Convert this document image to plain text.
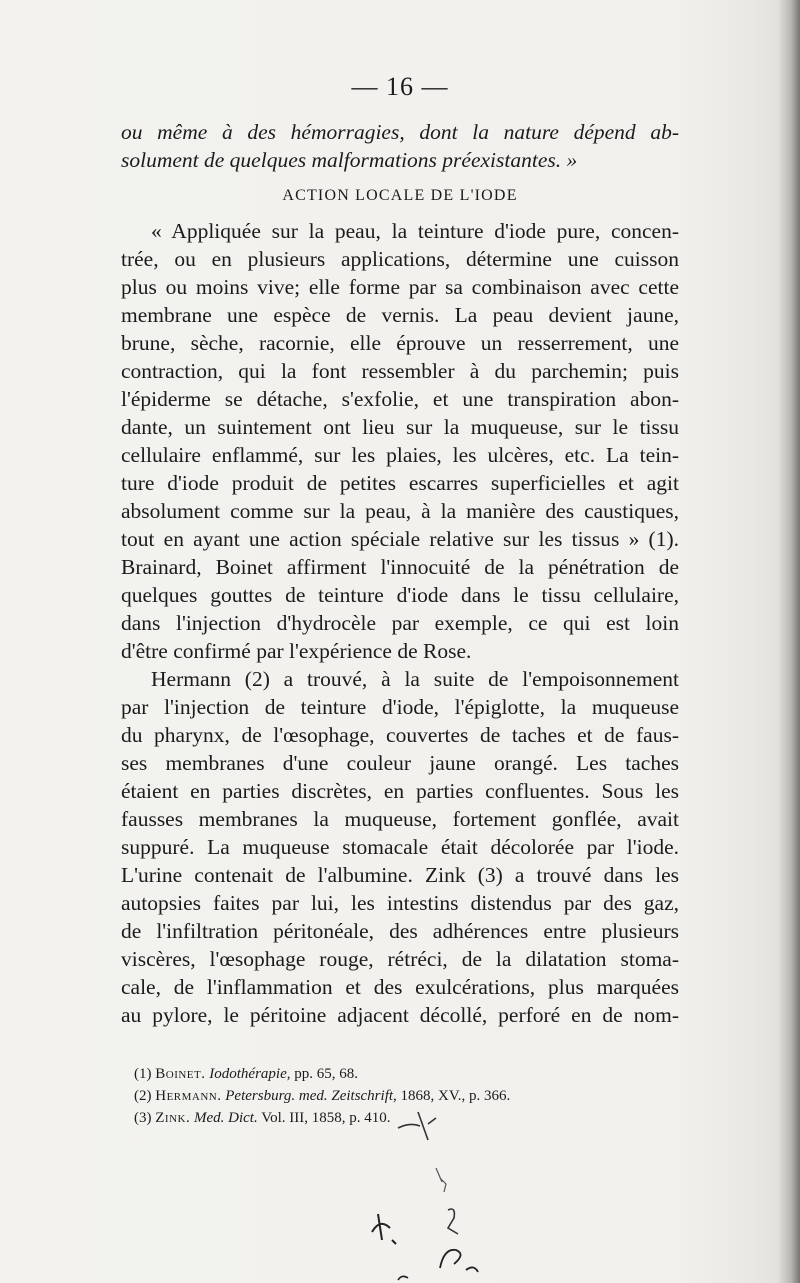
— 16 —
ou même à des hémorragies, dont la nature dépend ab-
solument de quelques malformations préexistantes. »
ACTION LOCALE DE L'IODE
« Appliquée sur la peau, la teinture d'iode pure, concen-
trée, ou en plusieurs applications, détermine une cuisson
plus ou moins vive; elle forme par sa combinaison avec cette
membrane une espèce de vernis. La peau devient jaune,
brune, sèche, racornie, elle éprouve un resserrement, une
contraction, qui la font ressembler à du parchemin; puis
l'épiderme se détache, s'exfolie, et une transpiration abon-
dante, un suintement ont lieu sur la muqueuse, sur le tissu
cellulaire enflammé, sur les plaies, les ulcères, etc. La tein-
ture d'iode produit de petites escarres superficielles et agit
absolument comme sur la peau, à la manière des caustiques,
tout en ayant une action spéciale relative sur les tissus » (1).
Brainard, Boinet affirment l'innocuité de la pénétration de
quelques gouttes de teinture d'iode dans le tissu cellulaire,
dans l'injection d'hydrocèle par exemple, ce qui est loin
d'être confirmé par l'expérience de Rose.
Hermann (2) a trouvé, à la suite de l'empoisonnement
par l'injection de teinture d'iode, l'épiglotte, la muqueuse
du pharynx, de l'œsophage, couvertes de taches et de faus-
ses membranes d'une couleur jaune orangé. Les taches
étaient en parties discrètes, en parties confluentes. Sous les
fausses membranes la muqueuse, fortement gonflée, avait
suppuré. La muqueuse stomacale était décolorée par l'iode.
L'urine contenait de l'albumine. Zink (3) a trouvé dans les
autopsies faites par lui, les intestins distendus par des gaz,
de l'infiltration péritonéale, des adhérences entre plusieurs
viscères, l'œsophage rouge, rétréci, de la dilatation stoma-
cale, de l'inflammation et des exulcérations, plus marquées
au pylore, le péritoine adjacent décollé, perforé en de nom-
(1) Boinet. Iodothérapie, pp. 65, 68.
(2) Hermann. Petersburg. med. Zeitschrift, 1868, XV., p. 366.
(3) Zink. Med. Dict. Vol. III, 1858, p. 410.
